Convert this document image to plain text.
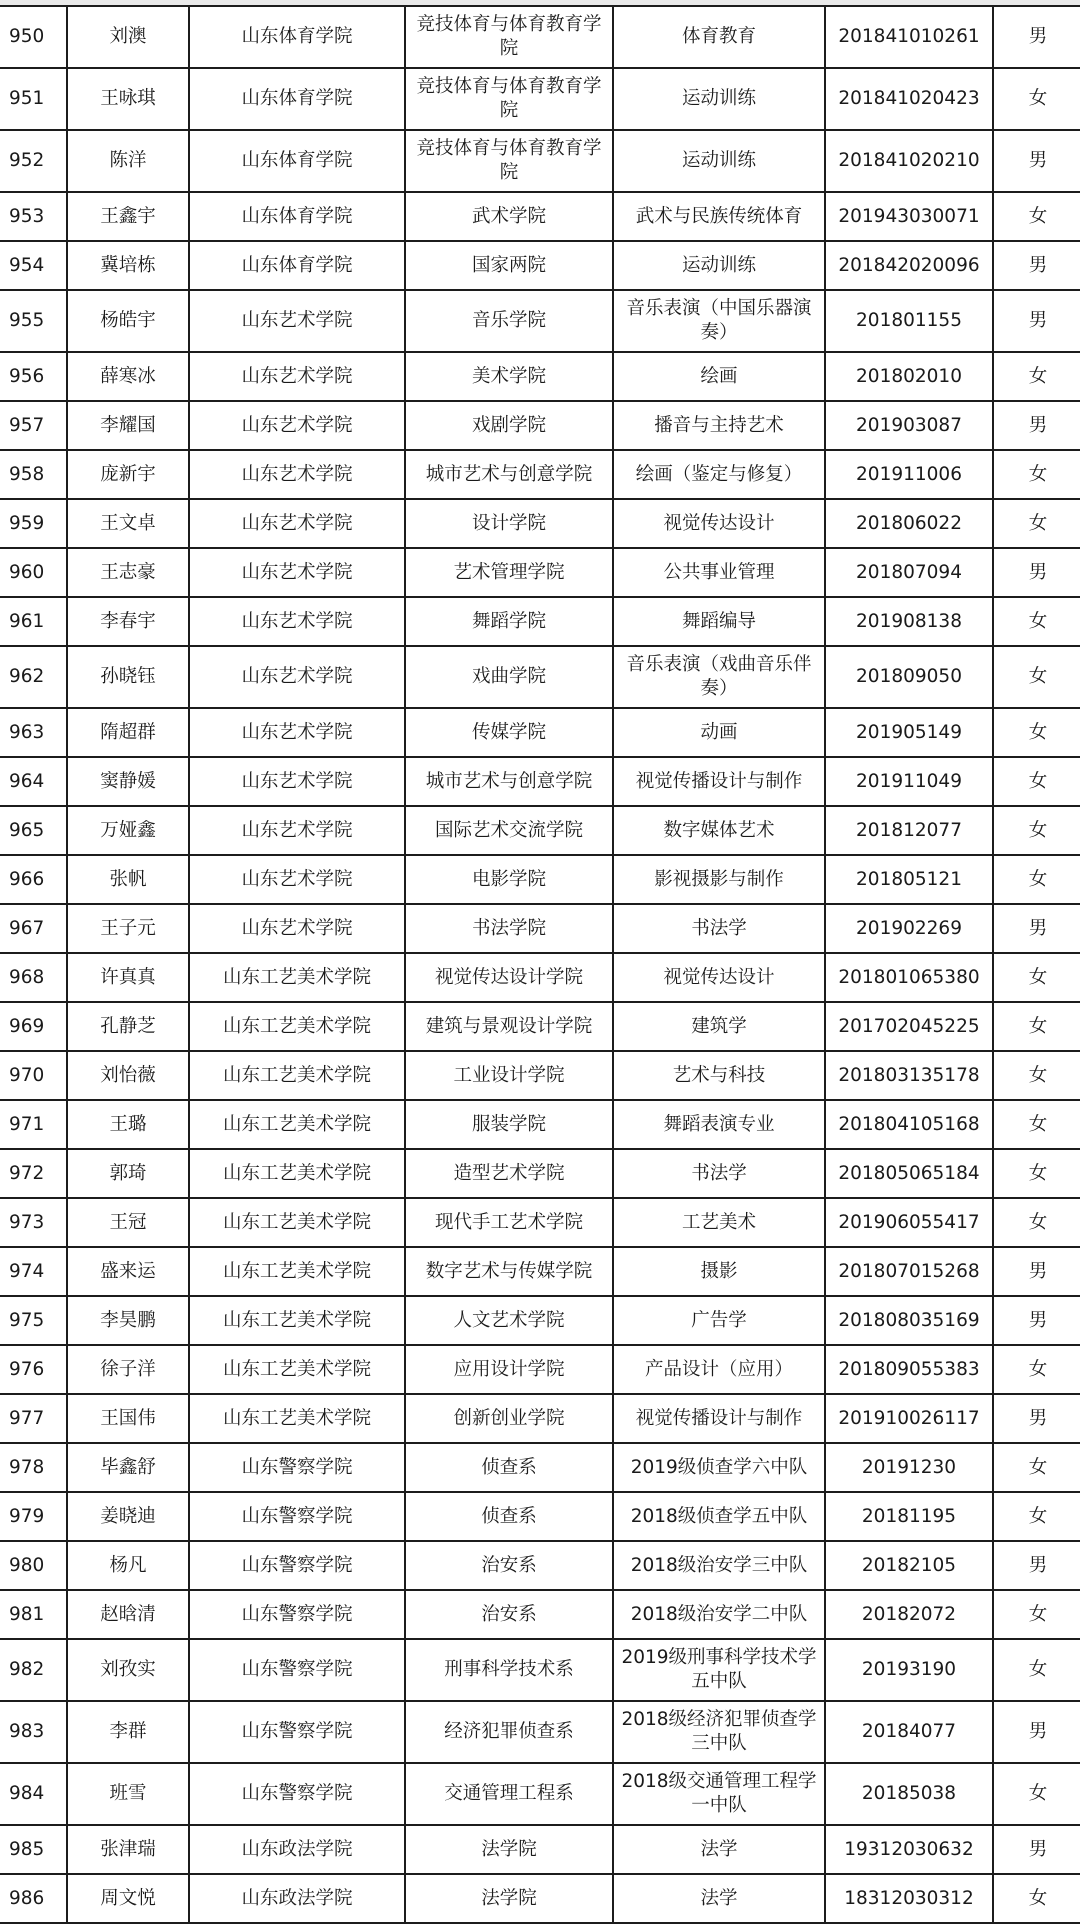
950	刘澳	山东体育学院	竞技体育与体育教育学院	体育教育	201841010261	男
951	王咏琪	山东体育学院	竞技体育与体育教育学院	运动训练	201841020423	女
952	陈洋	山东体育学院	竞技体育与体育教育学院	运动训练	201841020210	男
953	王鑫宇	山东体育学院	武术学院	武术与民族传统体育	201943030071	女
954	冀培栋	山东体育学院	国家两院	运动训练	201842020096	男
955	杨皓宇	山东艺术学院	音乐学院	音乐表演（中国乐器演奏）	201801155	男
956	薛寒冰	山东艺术学院	美术学院	绘画	201802010	女
957	李耀国	山东艺术学院	戏剧学院	播音与主持艺术	201903087	男
958	庞新宇	山东艺术学院	城市艺术与创意学院	绘画（鉴定与修复）	201911006	女
959	王文卓	山东艺术学院	设计学院	视觉传达设计	201806022	女
960	王志豪	山东艺术学院	艺术管理学院	公共事业管理	201807094	男
961	李春宇	山东艺术学院	舞蹈学院	舞蹈编导	201908138	女
962	孙晓钰	山东艺术学院	戏曲学院	音乐表演（戏曲音乐伴奏）	201809050	女
963	隋超群	山东艺术学院	传媒学院	动画	201905149	女
964	窦静媛	山东艺术学院	城市艺术与创意学院	视觉传播设计与制作	201911049	女
965	万娅鑫	山东艺术学院	国际艺术交流学院	数字媒体艺术	201812077	女
966	张帆	山东艺术学院	电影学院	影视摄影与制作	201805121	女
967	王子元	山东艺术学院	书法学院	书法学	201902269	男
968	许真真	山东工艺美术学院	视觉传达设计学院	视觉传达设计	201801065380	女
969	孔静芝	山东工艺美术学院	建筑与景观设计学院	建筑学	201702045225	女
970	刘怡薇	山东工艺美术学院	工业设计学院	艺术与科技	201803135178	女
971	王璐	山东工艺美术学院	服装学院	舞蹈表演专业	201804105168	女
972	郭琦	山东工艺美术学院	造型艺术学院	书法学	201805065184	女
973	王冠	山东工艺美术学院	现代手工艺术学院	工艺美术	201906055417	女
974	盛来运	山东工艺美术学院	数字艺术与传媒学院	摄影	201807015268	男
975	李昊鹏	山东工艺美术学院	人文艺术学院	广告学	201808035169	男
976	徐子洋	山东工艺美术学院	应用设计学院	产品设计（应用）	201809055383	女
977	王国伟	山东工艺美术学院	创新创业学院	视觉传播设计与制作	201910026117	男
978	毕鑫舒	山东警察学院	侦查系	2019级侦查学六中队	20191230	女
979	姜晓迪	山东警察学院	侦查系	2018级侦查学五中队	20181195	女
980	杨凡	山东警察学院	治安系	2018级治安学三中队	20182105	男
981	赵晗清	山东警察学院	治安系	2018级治安学二中队	20182072	女
982	刘孜实	山东警察学院	刑事科学技术系	2019级刑事科学技术学五中队	20193190	女
983	李群	山东警察学院	经济犯罪侦查系	2018级经济犯罪侦查学三中队	20184077	男
984	班雪	山东警察学院	交通管理工程系	2018级交通管理工程学一中队	20185038	女
985	张津瑞	山东政法学院	法学院	法学	19312030632	男
986	周文悦	山东政法学院	法学院	法学	18312030312	女
